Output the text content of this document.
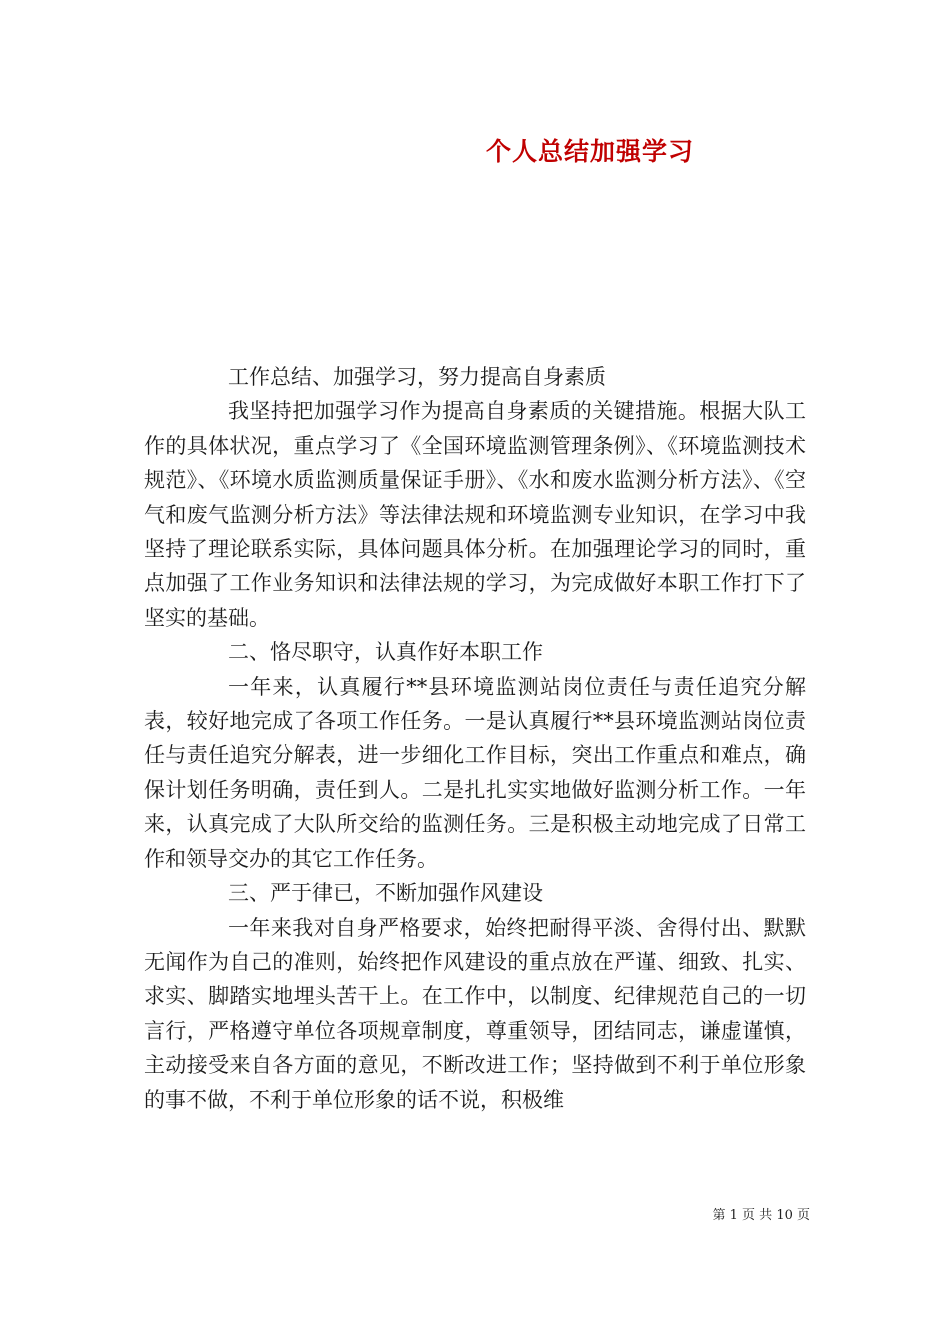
个人总结加强学习

工作总结、加强学习，努力提高自身素质

我坚持把加强学习作为提高自身素质的关键措施。根据大队工作的具体状况，重点学习了《全国环境监测管理条例》、《环境监测技术规范》、《环境水质监测质量保证手册》、《水和废水监测分析方法》、《空气和废气监测分析方法》等法律法规和环境监测专业知识，在学习中我坚持了理论联系实际，具体问题具体分析。在加强理论学习的同时，重点加强了工作业务知识和法律法规的学习，为完成做好本职工作打下了坚实的基础。

二、恪尽职守，认真作好本职工作

一年来，认真履行**县环境监测站岗位责任与责任追究分解表，较好地完成了各项工作任务。一是认真履行**县环境监测站岗位责任与责任追究分解表，进一步细化工作目标，突出工作重点和难点，确保计划任务明确，责任到人。二是扎扎实实地做好监测分析工作。一年来，认真完成了大队所交给的监测任务。三是积极主动地完成了日常工作和领导交办的其它工作任务。

三、严于律已，不断加强作风建设

一年来我对自身严格要求，始终把耐得平淡、舍得付出、默默无闻作为自己的准则，始终把作风建设的重点放在严谨、细致、扎实、求实、脚踏实地埋头苦干上。在工作中，以制度、纪律规范自己的一切言行，严格遵守单位各项规章制度，尊重领导，团结同志，谦虚谨慎，主动接受来自各方面的意见，不断改进工作；坚持做到不利于单位形象的事不做，不利于单位形象的话不说，积极维

第 1 页 共 10 页
